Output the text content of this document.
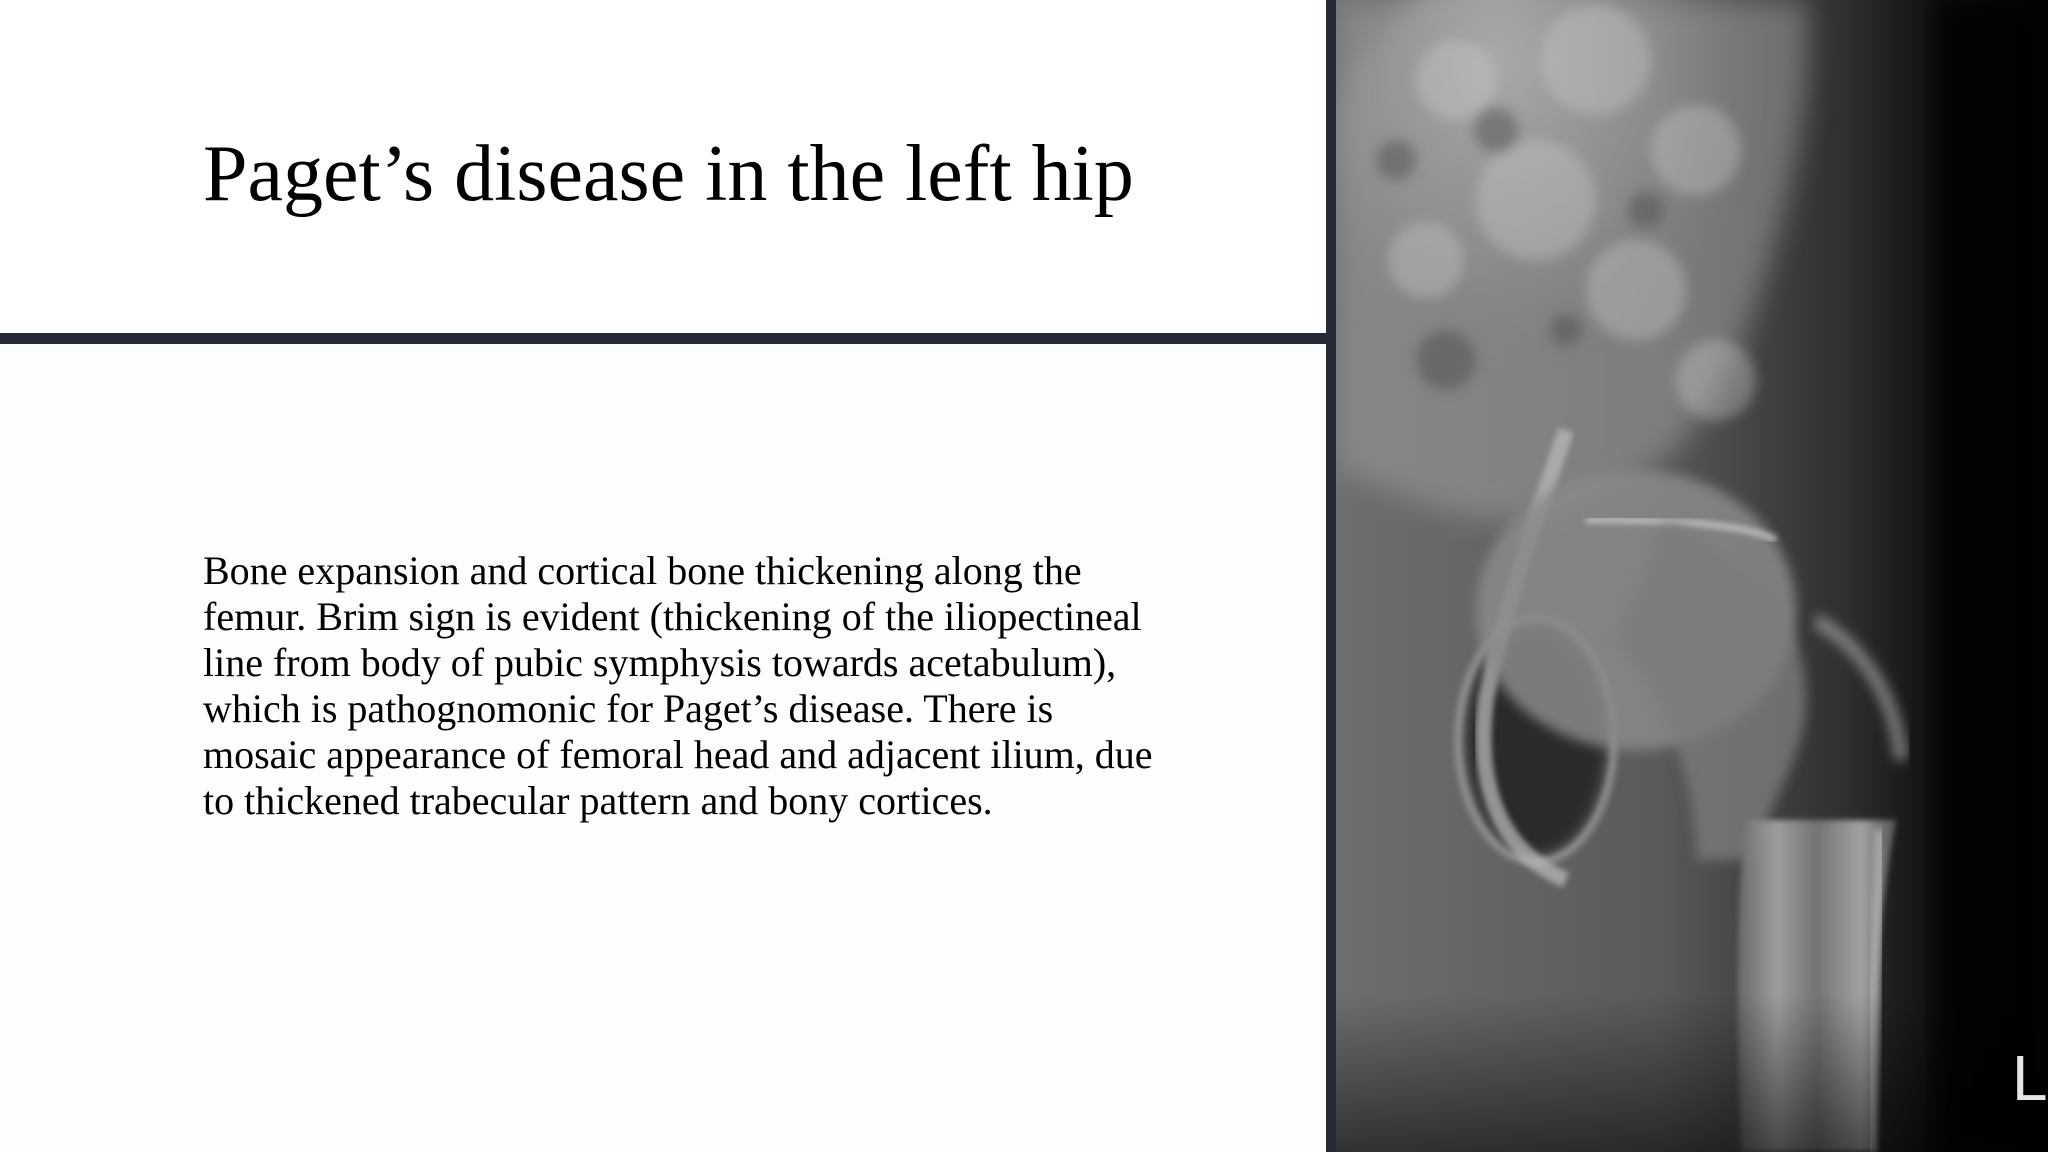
Paget’s disease in the left hip

Bone expansion and cortical bone thickening along the femur. Brim sign is evident (thickening of the iliopectineal line from body of pubic symphysis towards acetabulum), which is pathognomonic for Paget’s disease. There is mosaic appearance of femoral head and adjacent ilium, due to thickened trabecular pattern and bony cortices.

L
